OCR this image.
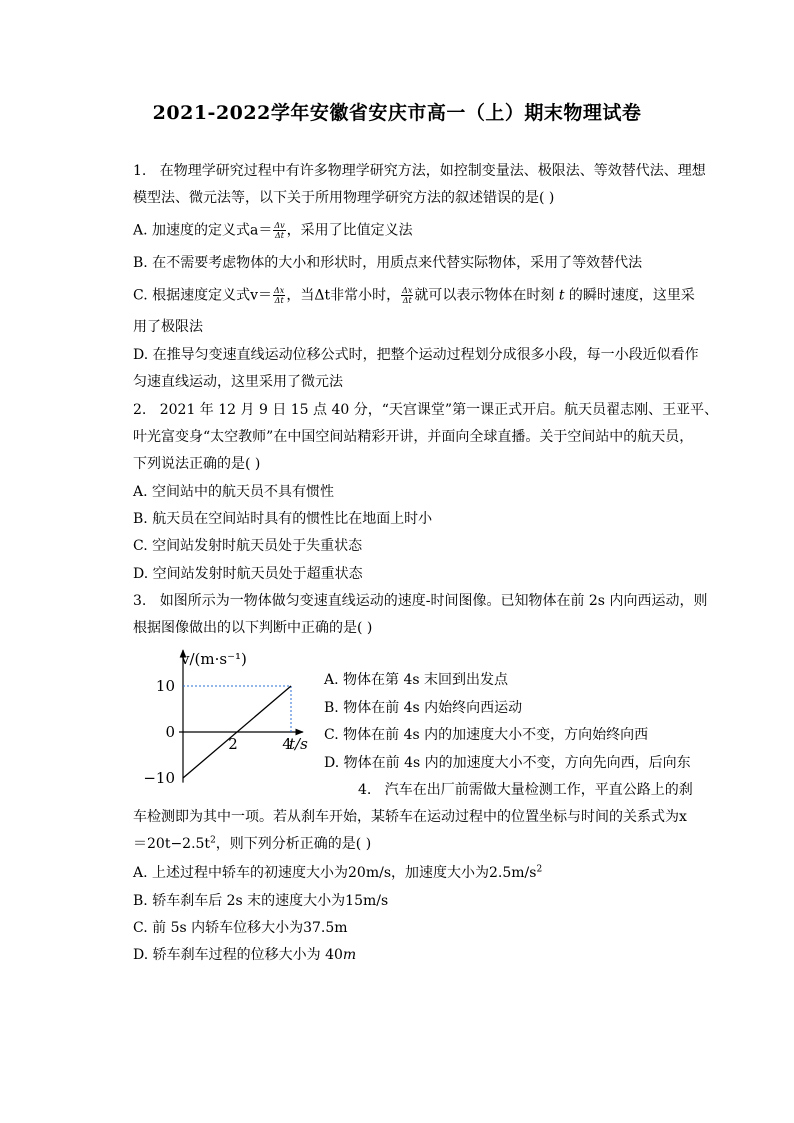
2021-2022学年安徽省安庆市高一（上）期末物理试卷
1. 在物理学研究过程中有许多物理学研究方法，如控制变量法、极限法、等效替代法、理想
模型法、微元法等，以下关于所用物理学研究方法的叙述错误的是( )
A. 加速度的定义式$a= \frac{\Delta v}{\Delta t}$ ，采用了比值定义法
B. 在不需要考虑物体的大小和形状时，用质点来代替实际物体，采用了等效替代法
C. 根据速度定义式$v= \frac{\Delta x}{\Delta t}$ ，当Δt非常小时， $\frac{\Delta x}{\Delta t}$ 就可以表示物体在时刻 t 的瞬时速度，这里采
用了极限法
D. 在推导匀变速直线运动位移公式时，把整个运动过程划分成很多小段，每一小段近似看作
匀速直线运动，这里采用了微元法
2. 2021 年 12 月 9 日 15 点 40 分，“天宫课堂”第一课正式开启。航天员翟志刚、王亚平、
叶光富变身“太空教师”在中国空间站精彩开讲，并面向全球直播。关于空间站中的航天员，
下列说法正确的是( )
A. 空间站中的航天员不具有惯性
B. 航天员在空间站时具有的惯性比在地面上时小
C. 空间站发射时航天员处于失重状态
D. 空间站发射时航天员处于超重状态
3. 如图所示为一物体做匀变速直线运动的速度-时间图像。已知物体在前 2s 内向西运动，则
根据图像做出的以下判断中正确的是( )
10
0
−10
2	4
v/(m·s⁻¹)
t/s
A. 物体在第 4s 末回到出发点
B. 物体在前 4s 内始终向西运动
C. 物体在前 4s 内的加速度大小不变，方向始终向西
D. 物体在前 4s 内的加速度大小不变，方向先向西，后向东
4. 汽车在出厂前需做大量检测工作，平直公路上的刹
车检测即为其中一项。若从刹车开始，某轿车在运动过程中的位置坐标与时间的关系式为x
$=20t-2.5t^2$，则下列分析正确的是( )
A. 上述过程中轿车的初速度大小为20m/s，加速度大小为$2.5m/s^2$
B. 轿车刹车后 2s 末的速度大小为15m/s
C. 前 5s 内轿车位移大小为37.5m
D. 轿车刹车过程的位移大小为 40m
